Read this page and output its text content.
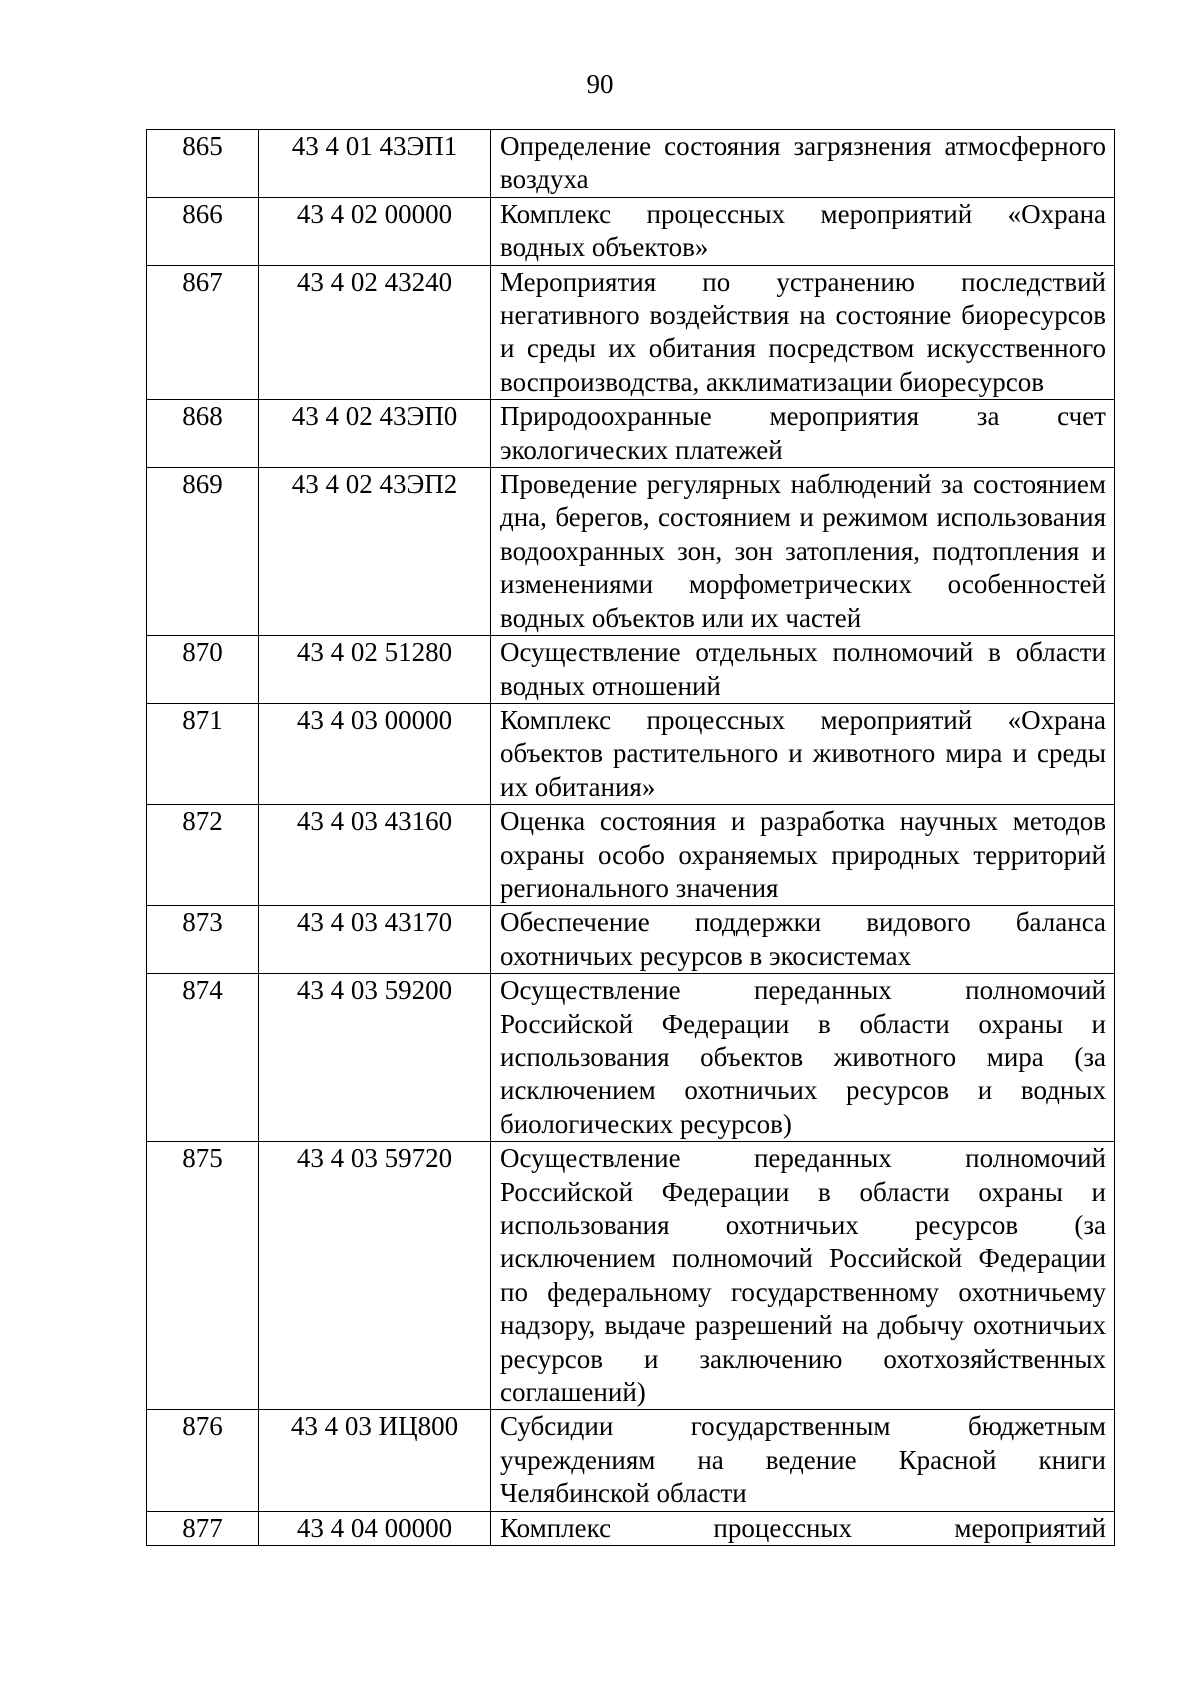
90
865	43 4 01 43ЭП1	Определение состояния загрязнения атмосферного воздуха

866	43 4 02 00000	Комплекс процессных мероприятий «Охрана водных объектов»

867	43 4 02 43240	Мероприятия по устранению последствий негативного воздействия на состояние биоресурсов и среды их обитания посредством искусственного воспроизводства, акклиматизации биоресурсов

868	43 4 02 43ЭП0	Природоохранные мероприятия за счет экологических платежей

869	43 4 02 43ЭП2	Проведение регулярных наблюдений за состоянием дна, берегов, состоянием и режимом использования водоохранных зон, зон затопления, подтопления и изменениями морфометрических особенностей водных объектов или их частей

870	43 4 02 51280	Осуществление отдельных полномочий в области водных отношений

871	43 4 03 00000	Комплекс процессных мероприятий «Охрана объектов растительного и животного мира и среды их обитания»

872	43 4 03 43160	Оценка состояния и разработка научных методов охраны особо охраняемых природных территорий регионального значения

873	43 4 03 43170	Обеспечение поддержки видового баланса охотничьих ресурсов в экосистемах

874	43 4 03 59200	Осуществление переданных полномочий Российской Федерации в области охраны и использования объектов животного мира (за исключением охотничьих ресурсов и водных биологических ресурсов)

875	43 4 03 59720	Осуществление переданных полномочий Российской Федерации в области охраны и использования охотничьих ресурсов (за исключением полномочий Российской Федерации по федеральному государственному охотничьему надзору, выдаче разрешений на добычу охотничьих ресурсов и заключению охотхозяйственных соглашений)

876	43 4 03 ИЦ800	Субсидии государственным бюджетным учреждениям на ведение Красной книги Челябинской области

877	43 4 04 00000	Комплекс процессных мероприятий
